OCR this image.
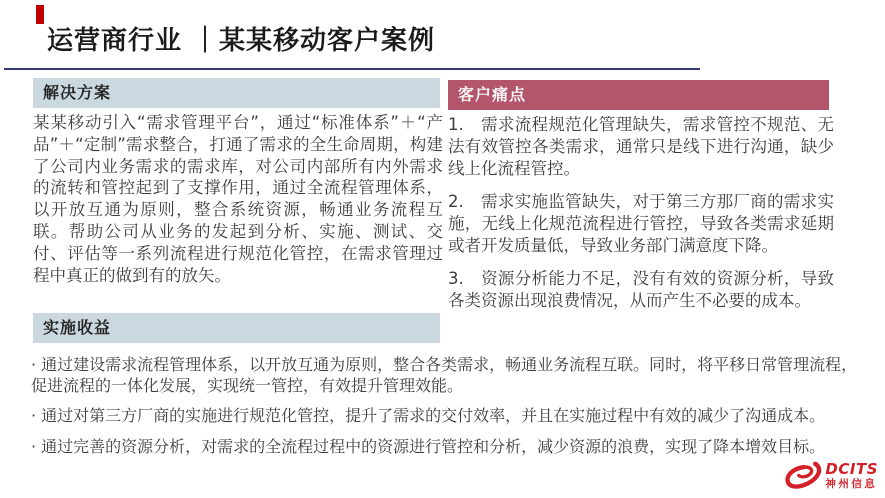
运营商行业 ｜某某移动客户案例
解决方案

某某移动引入“需求管理平台”，通过“标准体系”＋“产品”＋“定制”需求整合，打通了需求的全生命周期，构建了公司内业务需求的需求库，对公司内部所有内外需求的流转和管控起到了支撑作用，通过全流程管理体系，以开放互通为原则，整合系统资源，畅通业务流程互联。帮助公司从业务的发起到分析、实施、测试、交付、评估等一系列流程进行规范化管控，在需求管理过程中真正的做到有的放矢。

客户痛点

1. 需求流程规范化管理缺失，需求管控不规范、无法有效管控各类需求，通常只是线下进行沟通，缺少线上化流程管控。

2. 需求实施监管缺失，对于第三方那厂商的需求实施，无线上化规范流程进行管控，导致各类需求延期或者开发质量低，导致业务部门满意度下降。

3. 资源分析能力不足，没有有效的资源分析，导致各类资源出现浪费情况，从而产生不必要的成本。

实施收益

· 通过建设需求流程管理体系，以开放互通为原则，整合各类需求，畅通业务流程互联。同时，将平移日常管理流程，促进流程的一体化发展，实现统一管控，有效提升管理效能。

· 通过对第三方厂商的实施进行规范化管控，提升了需求的交付效率，并且在实施过程中有效的减少了沟通成本。

· 通过完善的资源分析，对需求的全流程过程中的资源进行管控和分析，减少资源的浪费，实现了降本增效目标。

DCITS
神州信息
